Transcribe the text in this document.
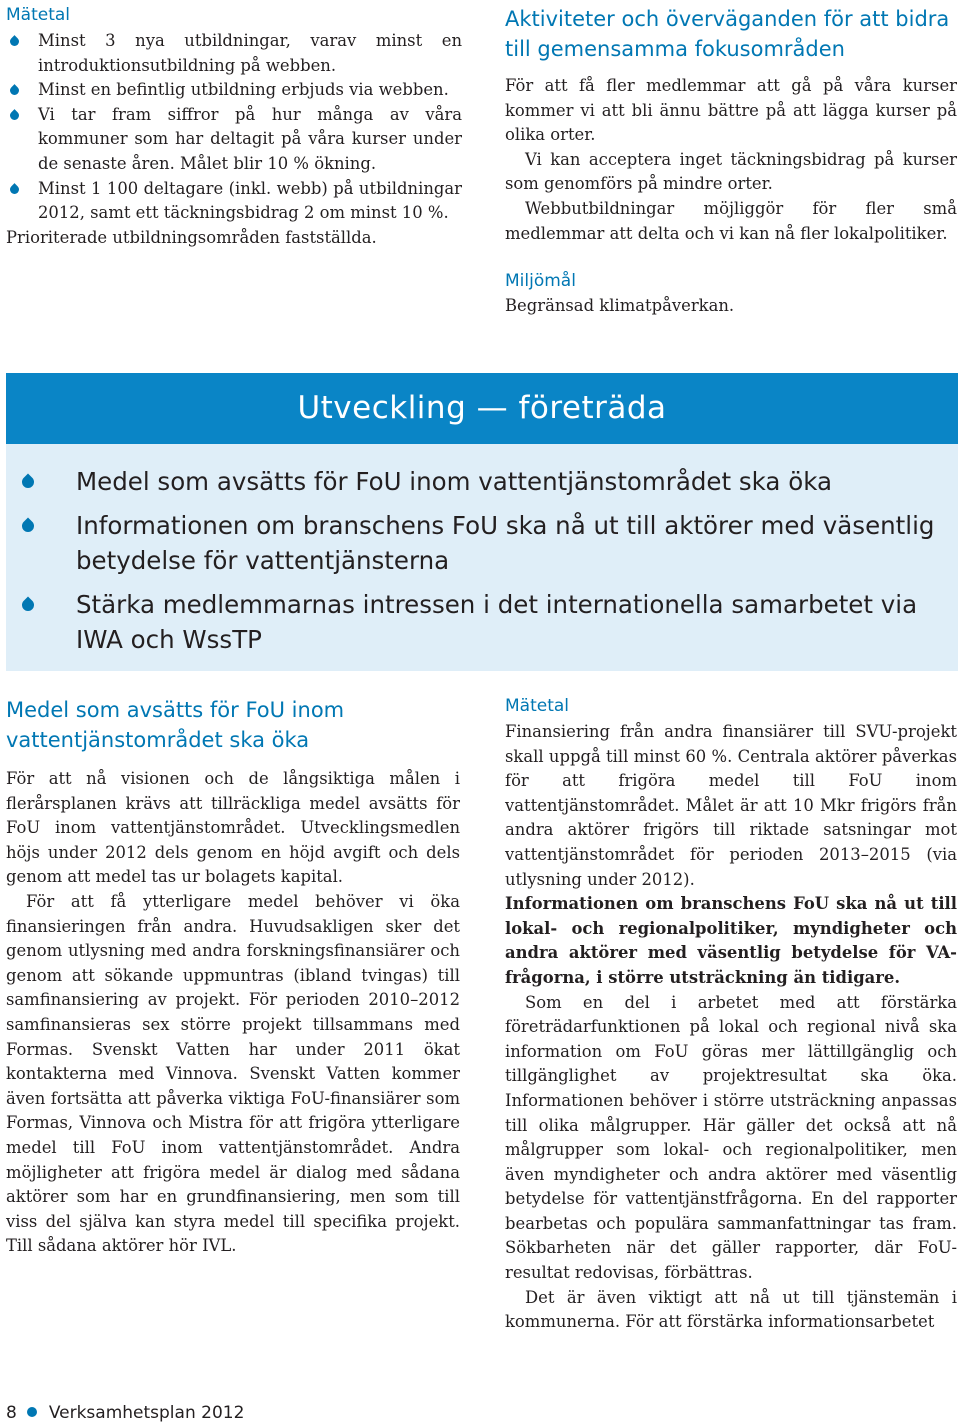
Mätetal
Minst 3 nya utbildningar, varav minst en introduktionsutbildning på webben.
Minst en befintlig utbildning erbjuds via webben.
Vi tar fram siffror på hur många av våra kommuner som har deltagit på våra kurser under de senaste åren. Målet blir 10 % ökning.
Minst 1 100 deltagare (inkl. webb) på utbildningar 2012, samt ett täckningsbidrag 2 om minst 10 %.

Prioriterade utbildningsområden fastställda.

Aktiviteter och överväganden för att bidra till gemensamma fokusområden

För att få fler medlemmar att gå på våra kurser kommer vi att bli ännu bättre på att lägga kurser på olika orter.

Vi kan acceptera inget täckningsbidrag på kurser som genomförs på mindre orter.

Webbutbildningar möjliggör för fler små medlemmar att delta och vi kan nå fler lokalpolitiker.

Miljömål

Begränsad klimatpåverkan.

Utveckling — företräda
Medel som avsätts för FoU inom vattentjänstområdet ska öka
Informationen om branschens FoU ska nå ut till aktörer med väsentlig betydelse för vattentjänsterna
Stärka medlemmarnas intressen i det internationella samarbetet via IWA och WssTP
Medel som avsätts för FoU inom vattentjänstområdet ska öka

För att nå visionen och de långsiktiga målen i flerårsplanen krävs att tillräckliga medel avsätts för FoU inom vattentjänstområdet. Utvecklingsmedlen höjs under 2012 dels genom en höjd avgift och dels genom att medel tas ur bolagets kapital.

För att få ytterligare medel behöver vi öka finansieringen från andra. Huvudsakligen sker det genom utlysning med andra forskningsfinansiärer och genom att sökande uppmuntras (ibland tvingas) till samfinansiering av projekt. För perioden 2010–2012 samfinansieras sex större projekt tillsammans med Formas. Svenskt Vatten har under 2011 ökat kontakterna med Vinnova. Svenskt Vatten kommer även fortsätta att påverka viktiga FoU-finansiärer som Formas, Vinnova och Mistra för att frigöra ytterligare medel till FoU inom vattentjänstområdet. Andra möjligheter att frigöra medel är dialog med sådana aktörer som har en grundfinansiering, men som till viss del själva kan styra medel till specifika projekt. Till sådana aktörer hör IVL.

Mätetal

Finansiering från andra finansiärer till SVU-projekt skall uppgå till minst 60 %. Centrala aktörer påverkas för att frigöra medel till FoU inom vattentjänstområdet. Målet är att 10 Mkr frigörs från andra aktörer frigörs till riktade satsningar mot vattentjänstområdet för perioden 2013–2015 (via utlysning under 2012).

Informationen om branschens FoU ska nå ut till lokal- och regionalpolitiker, myndigheter och andra aktörer med väsentlig betydelse för VA-frågorna, i större utsträckning än tidigare.

Som en del i arbetet med att förstärka företrädarfunktionen på lokal och regional nivå ska information om FoU göras mer lättillgänglig och tillgänglighet av projektresultat ska öka. Informationen behöver i större utsträckning anpassas till olika målgrupper. Här gäller det också att nå målgrupper som lokal- och regionalpolitiker, men även myndigheter och andra aktörer med väsentlig betydelse för vattentjänstfrågorna. En del rapporter bearbetas och populära sammanfattningar tas fram. Sökbarheten när det gäller rapporter, där FoU-resultat redovisas, förbättras.

Det är även viktigt att nå ut till tjänstemän i kommunerna. För att förstärka informationsarbetet

8 Verksamhetsplan 2012
